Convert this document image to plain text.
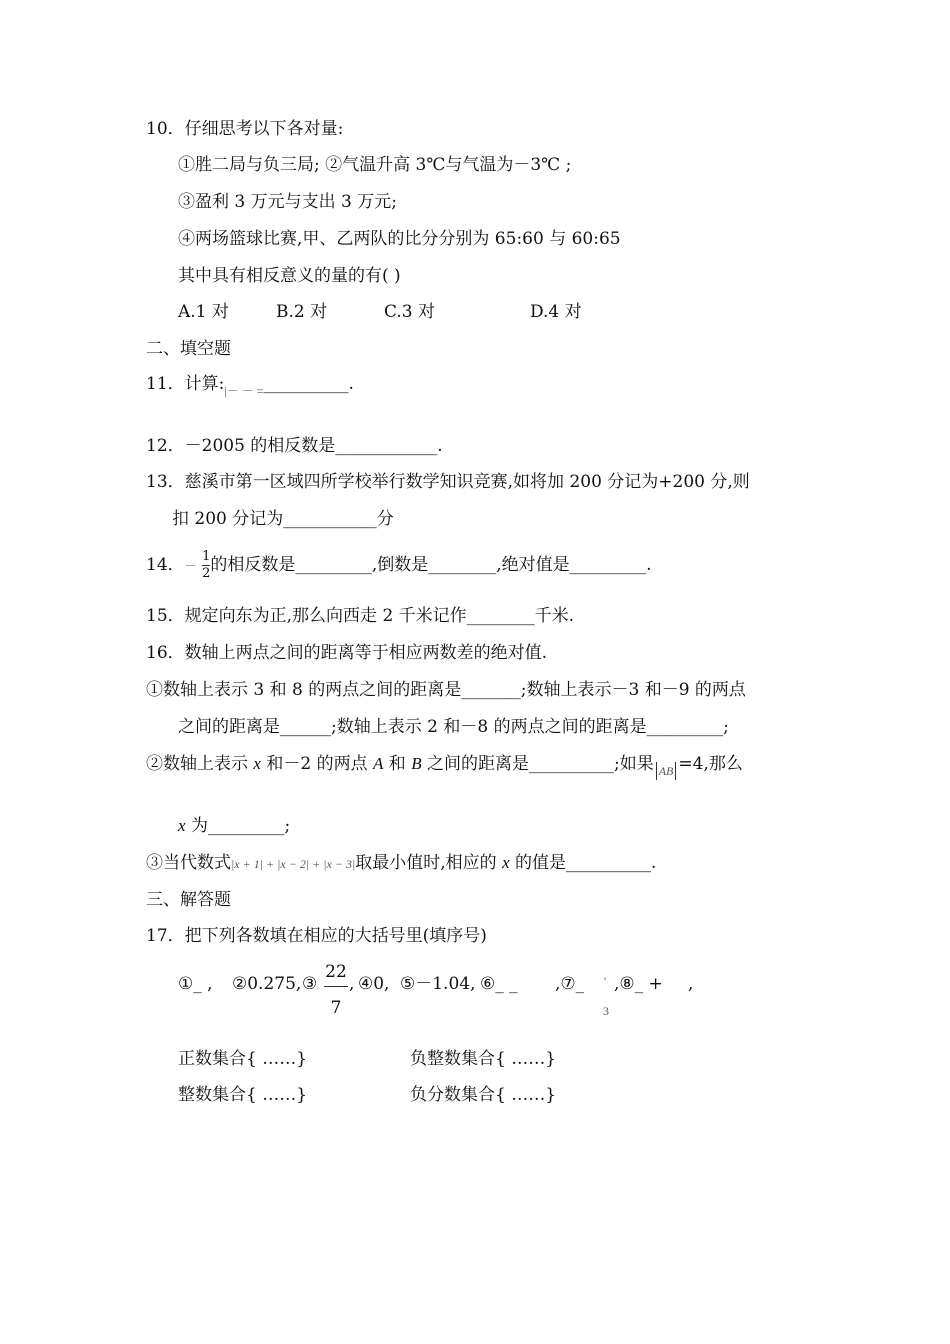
10．仔细思考以下各对量:
①胜二局与负三局; ②气温升高 3℃与气温为－3℃ ;
③盈利 3 万元与支出 3 万元;
④两场篮球比赛,甲、乙两队的比分分别为 65:60 与 60:65
其中具有相反意义的量的有( )
A.1 对	B.2 对	C.3 对	D.4 对
二、填空题
11．计算$:_{|- - =}\_\_\_\_\_\_\_\_\_\_$.
12．－2005 的相反数是____________.
13．慈溪市第一区域四所学校举行数学知识竞赛,如将加 200 分记为+200 分,则
扣 200 分记为___________分
14．－ $\frac{1}{2}$ 的相反数是_________,倒数是________,绝对值是_________.
15．规定向东为正,那么向西走 2 千米记作________千米.
16．数轴上两点之间的距离等于相应两数差的绝对值.
①数轴上表示 3 和 8 的两点之间的距离是_______;数轴上表示－3 和－9 的两点
之间的距离是______;数轴上表示 2 和－8 的两点之间的距离是_________;
②数轴上表示 x 和－2 的两点 A 和 B 之间的距离是__________;如果 $_{AB}$ =4,那么
x 为_________;
③当代数式|x + 1| + |x − 2| + |x − 3|取最小值时,相应的 x 的值是__________.
三、解答题
17．把下列各数填在相应的大括号里(填序号)
①_ , ②0.275, ③
22
7
, ④0, ⑤－1.04, ⑥_ _ ,⑦_ '
3
,⑧_ + ,
正数集合{ ……}	负整数集合{ ……}
整数集合{ ……}	负分数集合{ ……}
